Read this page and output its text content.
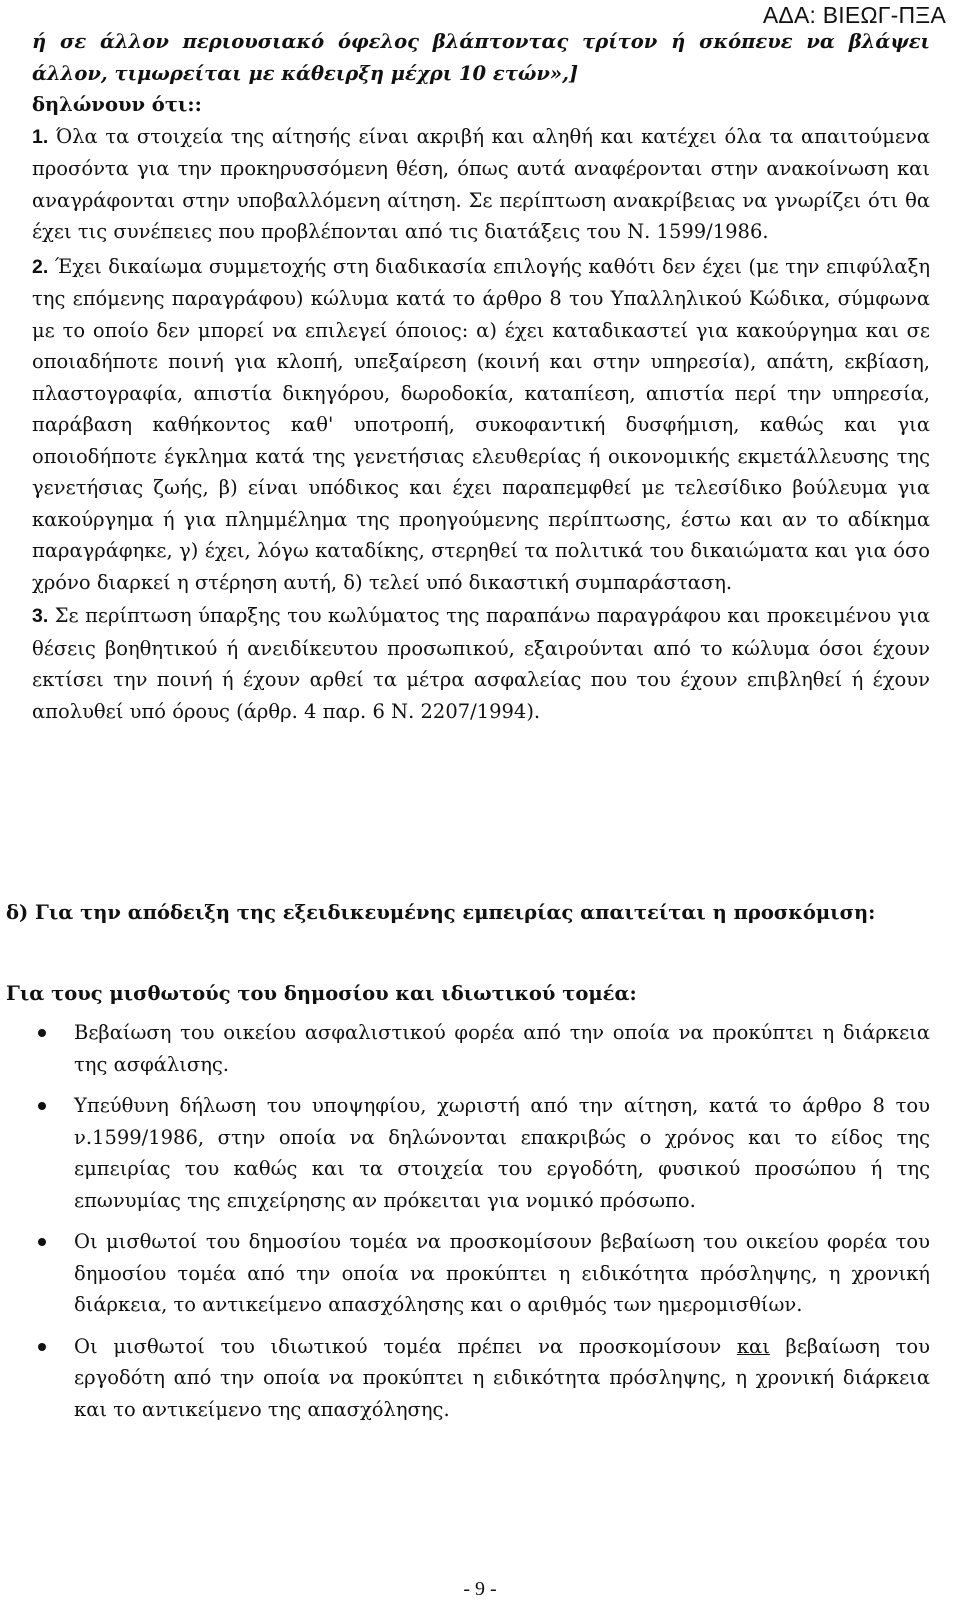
ΑΔΑ: ΒΙΕΩΓ-ΠΞΑ
ή σε άλλον περιουσιακό όφελος βλάπτοντας τρίτον ή σκόπευε να βλάψει άλλον, τιμωρείται με κάθειρξη μέχρι 10 ετών»,]
δηλώνουν ότι::

1. Όλα τα στοιχεία της αίτησής είναι ακριβή και αληθή και κατέχει όλα τα απαιτούμενα προσόντα για την προκηρυσσόμενη θέση, όπως αυτά αναφέρονται στην ανακοίνωση και αναγράφονται στην υποβαλλόμενη αίτηση. Σε περίπτωση ανακρίβειας να γνωρίζει ότι θα έχει τις συνέπειες που προβλέπονται από τις διατάξεις του Ν. 1599/1986.

2. Έχει δικαίωμα συμμετοχής στη διαδικασία επιλογής καθότι δεν έχει (με την επιφύλαξη της επόμενης παραγράφου) κώλυμα κατά το άρθρο 8 του Υπαλληλικού Κώδικα, σύμφωνα με το οποίο δεν μπορεί να επιλεγεί όποιος: α) έχει καταδικαστεί για κακούργημα και σε οποιαδήποτε ποινή για κλοπή, υπεξαίρεση (κοινή και στην υπηρεσία), απάτη, εκβίαση, πλαστογραφία, απιστία δικηγόρου, δωροδοκία, καταπίεση, απιστία περί την υπηρεσία, παράβαση καθήκοντος καθ' υποτροπή, συκοφαντική δυσφήμιση, καθώς και για οποιοδήποτε έγκλημα κατά της γενετήσιας ελευθερίας ή οικονομικής εκμετάλλευσης της γενετήσιας ζωής, β) είναι υπόδικος και έχει παραπεμφθεί με τελεσίδικο βούλευμα για κακούργημα ή για πλημμέλημα της προηγούμενης περίπτωσης, έστω και αν το αδίκημα παραγράφηκε, γ) έχει, λόγω καταδίκης, στερηθεί τα πολιτικά του δικαιώματα και για όσο χρόνο διαρκεί η στέρηση αυτή, δ) τελεί υπό δικαστική συμπαράσταση.

3. Σε περίπτωση ύπαρξης του κωλύματος της παραπάνω παραγράφου και προκειμένου για θέσεις βοηθητικού ή ανειδίκευτου προσωπικού, εξαιρούνται από το κώλυμα όσοι έχουν εκτίσει την ποινή ή έχουν αρθεί τα μέτρα ασφαλείας που του έχουν επιβληθεί ή έχουν απολυθεί υπό όρους (άρθρ. 4 παρ. 6 Ν. 2207/1994).

δ) Για την απόδειξη της εξειδικευμένης εμπειρίας απαιτείται η προσκόμιση:
Για τους μισθωτούς του δημοσίου και ιδιωτικού τομέα:
Βεβαίωση του οικείου ασφαλιστικού φορέα από την οποία να προκύπτει η διάρκεια της ασφάλισης.
Υπεύθυνη δήλωση του υποψηφίου, χωριστή από την αίτηση, κατά το άρθρο 8 του ν.1599/1986, στην οποία να δηλώνονται επακριβώς ο χρόνος και το είδος της εμπειρίας του καθώς και τα στοιχεία του εργοδότη, φυσικού προσώπου ή της επωνυμίας της επιχείρησης αν πρόκειται για νομικό πρόσωπο.
Οι μισθωτοί του δημοσίου τομέα να προσκομίσουν βεβαίωση του οικείου φορέα του δημοσίου τομέα από την οποία να προκύπτει η ειδικότητα πρόσληψης, η χρονική διάρκεια, το αντικείμενο απασχόλησης και ο αριθμός των ημερομισθίων.
Οι μισθωτοί του ιδιωτικού τομέα πρέπει να προσκομίσουν και βεβαίωση του εργοδότη από την οποία να προκύπτει η ειδικότητα πρόσληψης, η χρονική διάρκεια και το αντικείμενο της απασχόλησης.
- 9 -
